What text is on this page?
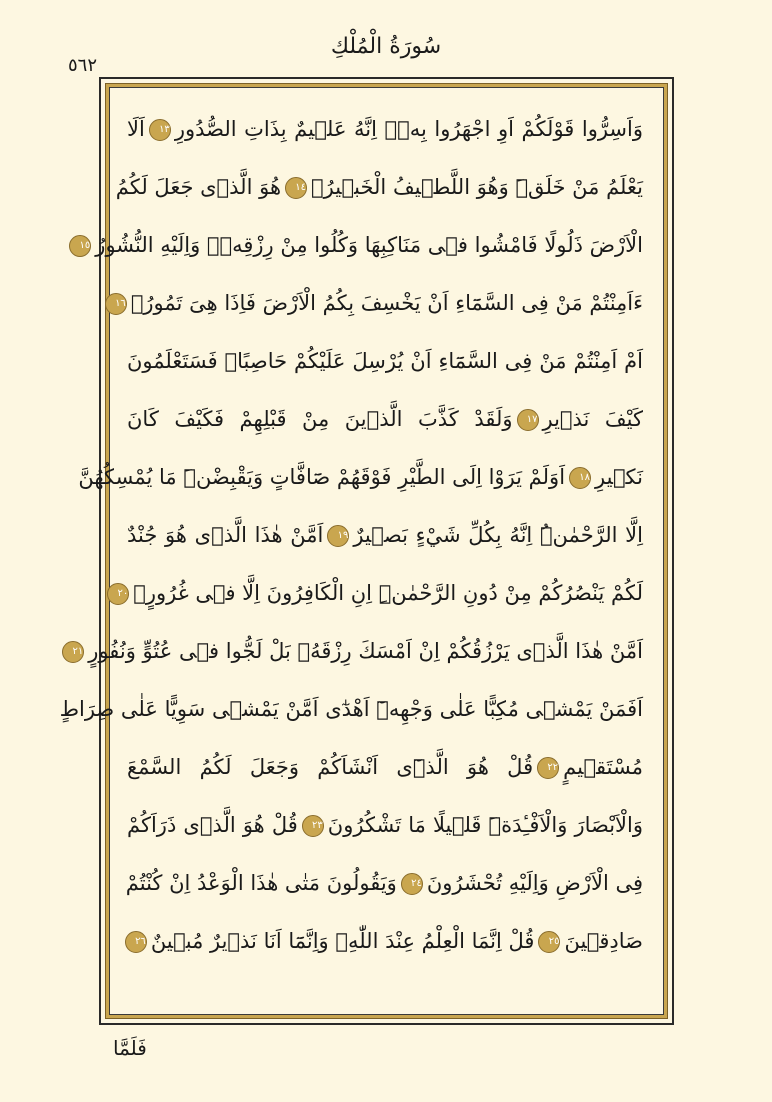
سُورَةُ الْمُلْكِ
٥٦٢
وَاَسِرُّوا قَوْلَكُمْ اَوِ اجْهَرُوا بِهٖۜ اِنَّهُ عَلٖيمٌ بِذَاتِ الصُّدُورِ١٣اَلَا
يَعْلَمُ مَنْ خَلَقَۜ وَهُوَ اللَّطٖيفُ الْخَبٖيرُ۟١٤هُوَ الَّذٖى جَعَلَ لَكُمُ
الْاَرْضَ ذَلُولًا فَامْشُوا فٖى مَنَاكِبِهَا وَكُلُوا مِنْ رِزْقِهٖۜ وَاِلَيْهِ النُّشُورُ١٥
ءَاَمِنْتُمْ مَنْ فِى السَّمَٓاءِ اَنْ يَخْسِفَ بِكُمُ الْاَرْضَ فَاِذَا هِىَ تَمُورُۙ١٦
اَمْ اَمِنْتُمْ مَنْ فِى السَّمَٓاءِ اَنْ يُرْسِلَ عَلَيْكُمْ حَاصِبًاۜ فَسَتَعْلَمُونَ
كَيْفَ نَذٖيرِ١٧وَلَقَدْ كَذَّبَ الَّذٖينَ مِنْ قَبْلِهِمْ فَكَيْفَ كَانَ
نَكٖيرِ١٨اَوَلَمْ يَرَوْا اِلَى الطَّيْرِ فَوْقَهُمْ صَٓافَّاتٍ وَيَقْبِضْنَۜ مَا يُمْسِكُهُنَّ
اِلَّا الرَّحْمٰنُۜ اِنَّهُ بِكُلِّ شَيْءٍ بَصٖيرٌ١٩اَمَّنْ هٰذَا الَّذٖى هُوَ جُنْدٌ
لَكُمْ يَنْصُرُكُمْ مِنْ دُونِ الرَّحْمٰنِۜ اِنِ الْكَافِرُونَ اِلَّا فٖى غُرُورٍۚ٢٠
اَمَّنْ هٰذَا الَّذٖى يَرْزُقُكُمْ اِنْ اَمْسَكَ رِزْقَهُۚ بَلْ لَجُّوا فٖى عُتُوٍّ وَنُفُورٍ٢١
اَفَمَنْ يَمْشٖى مُكِبًّا عَلٰى وَجْهِهٖٓ اَهْدٰٓى اَمَّنْ يَمْشٖى سَوِيًّا عَلٰى صِرَاطٍ
مُسْتَقٖيمٍ٢٢قُلْ هُوَ الَّذٖٓى اَنْشَاَكُمْ وَجَعَلَ لَكُمُ السَّمْعَ
وَالْاَبْصَارَ وَالْاَفْـِٔدَةَۜ قَلٖيلًا مَا تَشْكُرُونَ٢٣قُلْ هُوَ الَّذٖى ذَرَاَكُمْ
فِى الْاَرْضِ وَاِلَيْهِ تُحْشَرُونَ٢٤وَيَقُولُونَ مَتٰى هٰذَا الْوَعْدُ اِنْ كُنْتُمْ
صَادِقٖينَ٢٥قُلْ اِنَّمَا الْعِلْمُ عِنْدَ اللّٰهِۖ وَاِنَّمَٓا اَنَا نَذٖيرٌ مُبٖينٌ٢٦
فَلَمَّا
